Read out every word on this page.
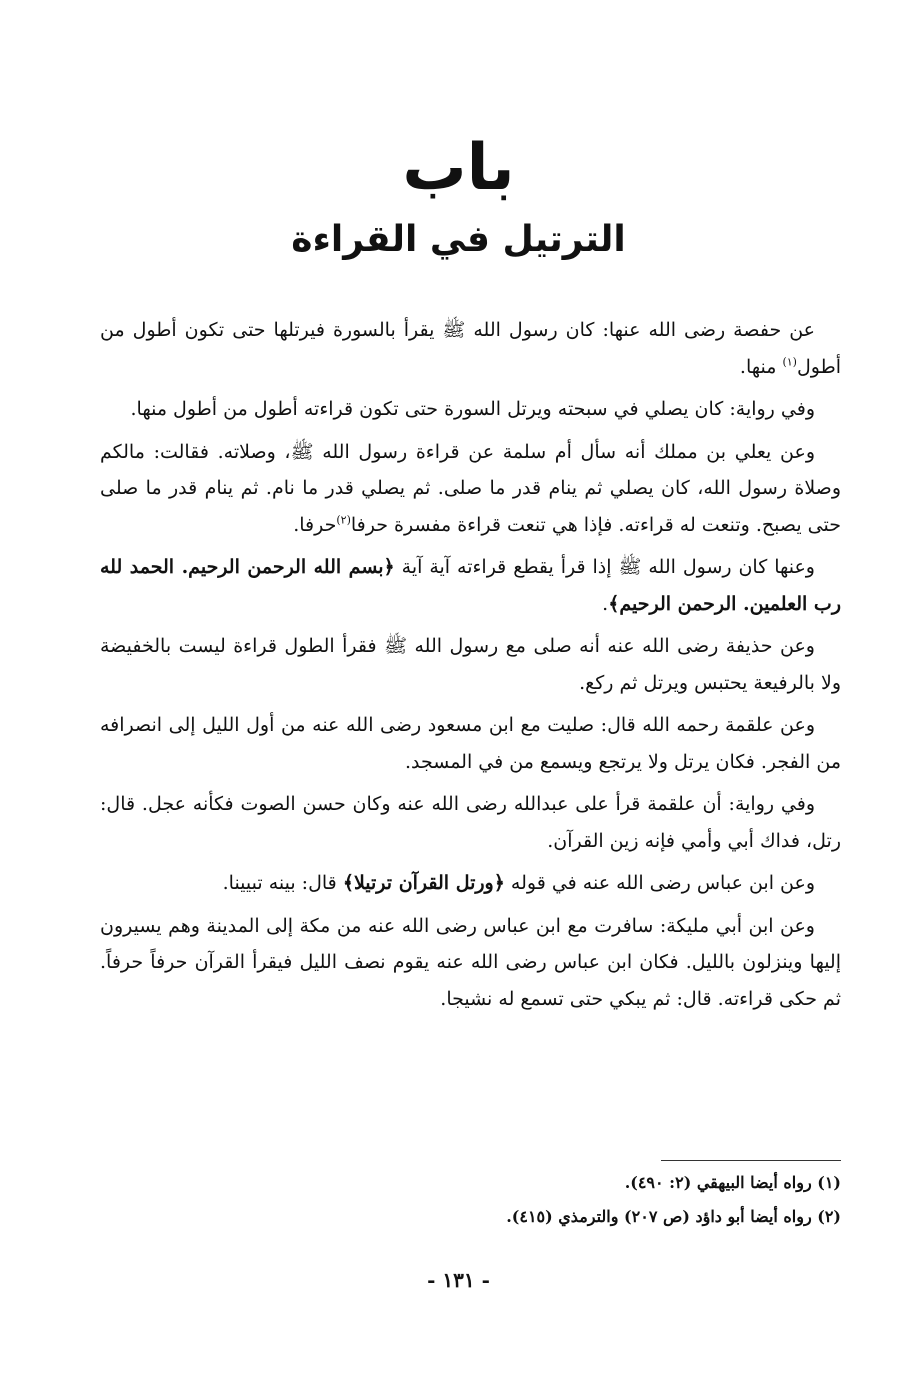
باب
الترتيل في القراءة

عن حفصة رضى الله عنها: كان رسول الله ﷺ يقرأ بالسورة فيرتلها حتى تكون أطول من أطول$^{(١)}$ منها.

وفي رواية: كان يصلي في سبحته ويرتل السورة حتى تكون قراءته أطول من أطول منها.

وعن يعلي بن مملك أنه سأل أم سلمة عن قراءة رسول الله ﷺ، وصلاته. فقالت: مالكم وصلاة رسول الله، كان يصلي ثم ينام قدر ما صلى. ثم يصلي قدر ما نام. ثم ينام قدر ما صلى حتى يصبح. وتنعت له قراءته. فإذا هي تنعت قراءة مفسرة حرفا$^{(٢)}$حرفا.

وعنها كان رسول الله ﷺ إذا قرأ يقطع قراءته آية آية ﴿بسم الله الرحمن الرحيم. الحمد لله رب العلمين. الرحمن الرحيم﴾.

وعن حذيفة رضى الله عنه أنه صلى مع رسول الله ﷺ فقرأ الطول قراءة ليست بالخفيضة ولا بالرفيعة يحتبس ويرتل ثم ركع.

وعن علقمة رحمه الله قال: صليت مع ابن مسعود رضى الله عنه من أول الليل إلى انصرافه من الفجر. فكان يرتل ولا يرتجع ويسمع من في المسجد.

وفي رواية: أن علقمة قرأ على عبدالله رضى الله عنه وكان حسن الصوت فكأنه عجل. قال: رتل، فداك أبي وأمي فإنه زين القرآن.

وعن ابن عباس رضى الله عنه في قوله ﴿ورتل القرآن ترتيلا﴾ قال: بينه تبيينا.

وعن ابن أبي مليكة: سافرت مع ابن عباس رضى الله عنه من مكة إلى المدينة وهم يسيرون إليها وينزلون بالليل. فكان ابن عباس رضى الله عنه يقوم نصف الليل فيقرأ القرآن حرفاً حرفاً. ثم حكى قراءته. قال: ثم يبكي حتى تسمع له نشيجا.

(١) رواه أيضا البيهقي (٢: ٤٩٠).
(٢) رواه أيضا أبو داؤد (ص ٢٠٧) والترمذي (٤١٥).
- ١٣١ -
